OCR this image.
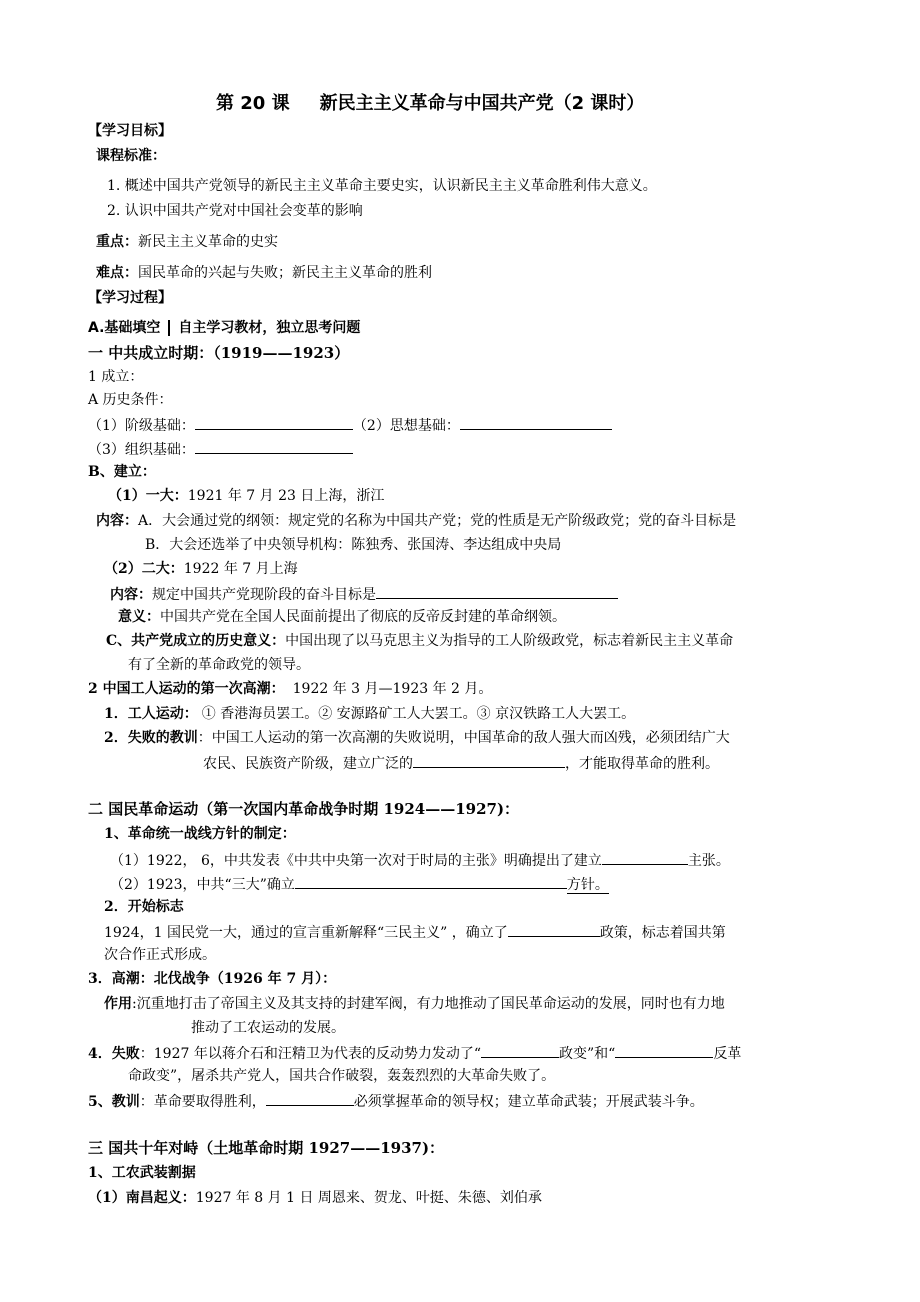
第 20 课 新民主主义革命与中国共产党（2 课时）
【学习目标】
课程标准：
1. 概述中国共产党领导的新民主主义革命主要史实，认识新民主主义革命胜利伟大意义。
2. 认识中国共产党对中国社会变革的影响
重点：新民主主义革命的史实
难点：国民革命的兴起与失败；新民主主义革命的胜利
【学习过程】
A.基础填空 自主学习教材，独立思考问题
一 中共成立时期：（1919——1923）
1 成立：
A 历史条件：
（1）阶级基础：	（2）思想基础：
（3）组织基础：
B、建立：
（1）一大：1921 年 7 月 23 日上海，浙江
内容：A．大会通过党的纲领：规定党的名称为中国共产党；党的性质是无产阶级政党；党的奋斗目标是
B．大会还选举了中央领导机构：陈独秀、张国涛、李达组成中央局
（2）二大：1922 年 7 月上海
内容：规定中国共产党现阶段的奋斗目标是
意义：中国共产党在全国人民面前提出了彻底的反帝反封建的革命纲领。
C、共产党成立的历史意义：中国出现了以马克思主义为指导的工人阶级政党，标志着新民主主义革命
有了全新的革命政党的领导。
2 中国工人运动的第一次高潮： 1922 年 3 月—1923 年 2 月。
1．工人运动： ① 香港海员罢工。② 安源路矿工人大罢工。③ 京汉铁路工人大罢工。
2．失败的教训：中国工人运动的第一次高潮的失败说明，中国革命的敌人强大而凶残，必须团结广大
农民、民族资产阶级，建立广泛的	，才能取得革命的胜利。
二 国民革命运动（第一次国内革命战争时期 1924——1927)：
1、革命统一战线方针的制定：
（1）1922， 6，中共发表《中共中央第一次对于时局的主张》明确提出了建立	主张。
（2）1923，中共“三大”确立	方针。
2．开始标志
1924，1 国民党一大，通过的宣言重新解释“三民主义” ，确立了	政策，标志着国共第
次合作正式形成。
3．高潮：北伐战争（1926 年 7 月）：
作用:沉重地打击了帝国主义及其支持的封建军阀，有力地推动了国民革命运动的发展，同时也有力地
推动了工农运动的发展。
4．失败：1927 年以蒋介石和汪精卫为代表的反动势力发动了“	政变”和“	反革
命政变”，屠杀共产党人，国共合作破裂，轰轰烈烈的大革命失败了。
5、教训：革命要取得胜利，	必须掌握革命的领导权；建立革命武装；开展武装斗争。
三 国共十年对峙（土地革命时期 1927——1937)：
1、工农武装割据
（1）南昌起义：1927 年 8 月 1 日 周恩来、贺龙、叶挺、朱德、刘伯承
